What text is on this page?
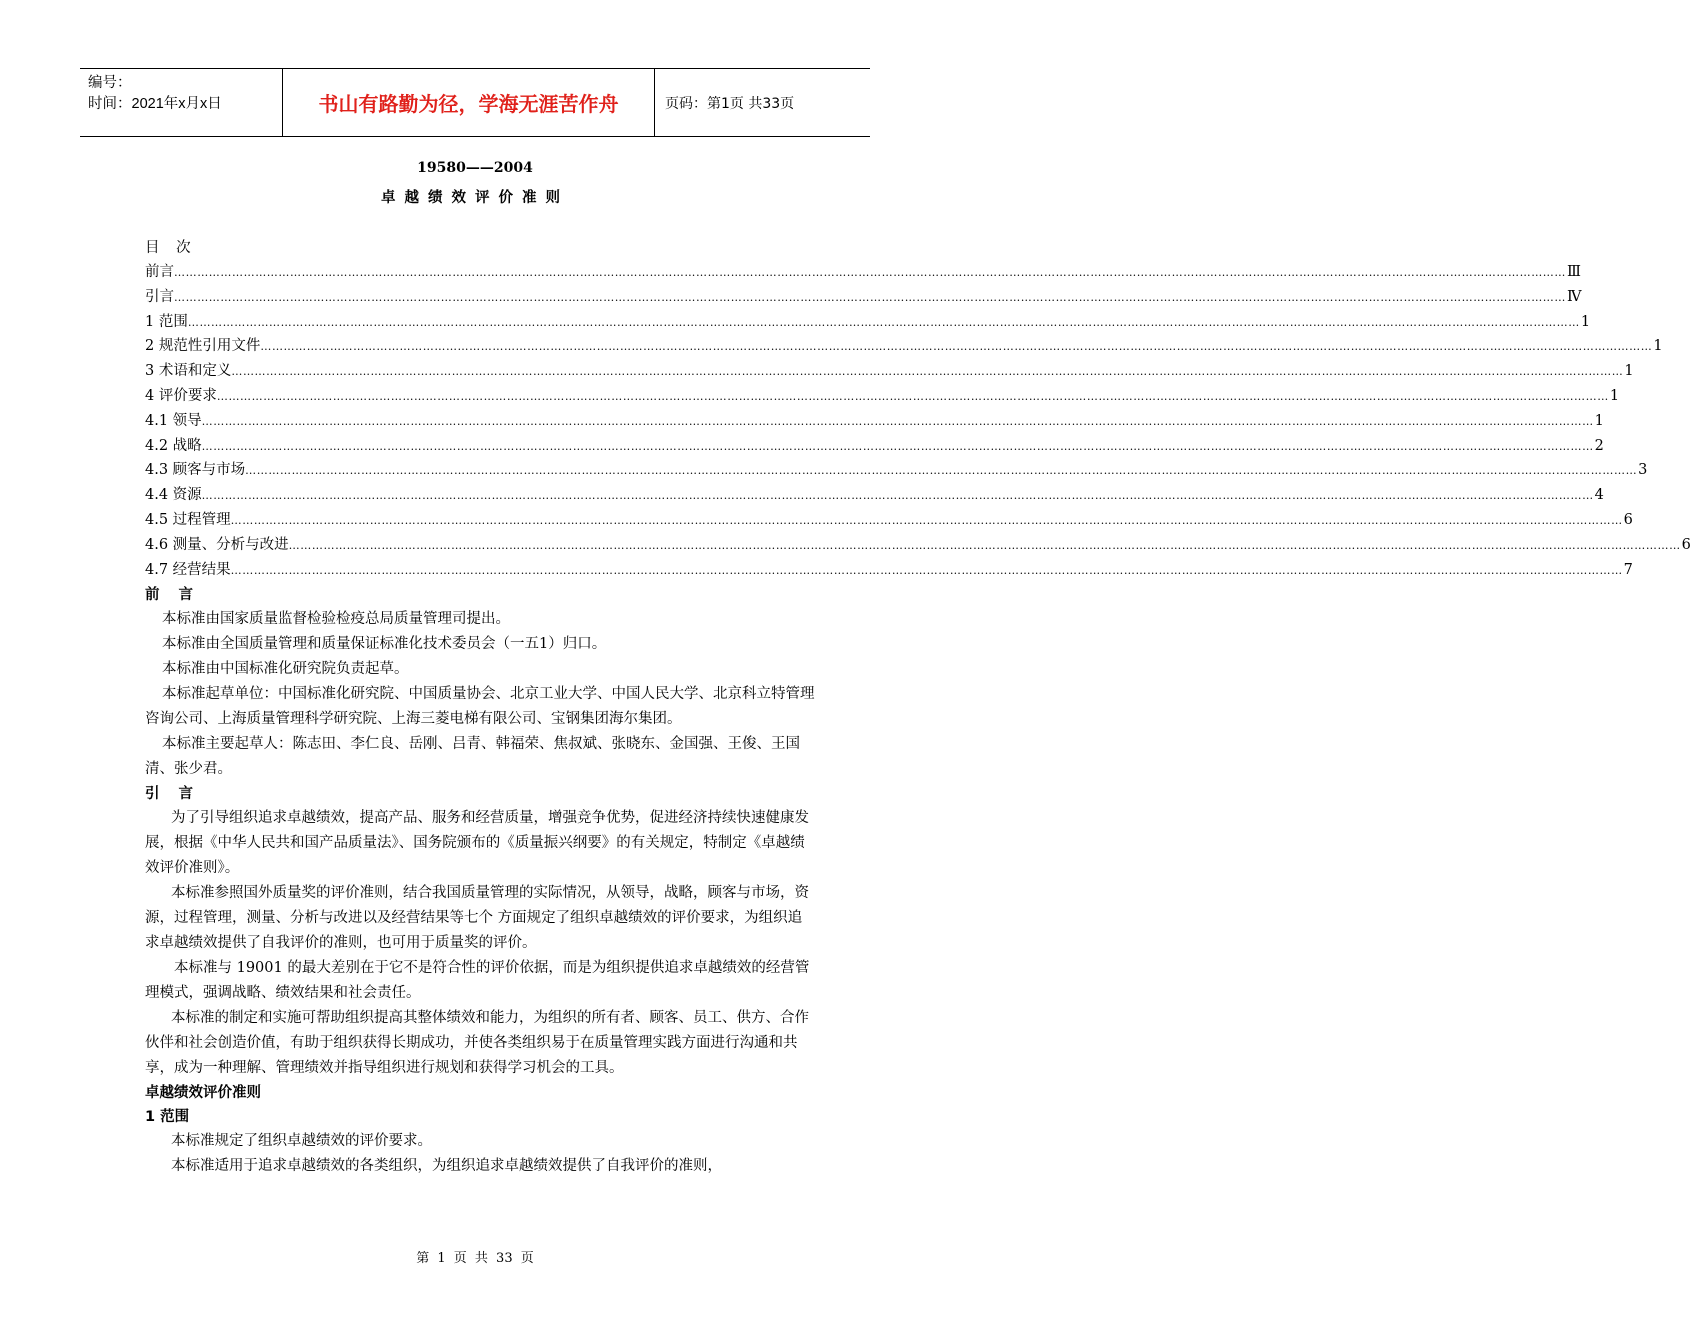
编号：
时间：2021年x月x日	书山有路勤为径，学海无涯苦作舟	页码：第1页 共33页
19580——2004
卓越绩效评价准则
目 次
前言 ……………………………………………………………………………………………………………………………………………………………………………………………………………………………………………………………………………………………………………………………… Ⅲ
引言 ……………………………………………………………………………………………………………………………………………………………………………………………………………………………………………………………………………………………………………………………… Ⅳ
1 范围 ……………………………………………………………………………………………………………………………………………………………………………………………………………………………………………………………………………………………………………………………… 1
2 规范性引用文件 ……………………………………………………………………………………………………………………………………………………………………………………………………………………………………………………………………………………………………………………………… 1
3 术语和定义 ……………………………………………………………………………………………………………………………………………………………………………………………………………………………………………………………………………………………………………………………… 1
4 评价要求 ……………………………………………………………………………………………………………………………………………………………………………………………………………………………………………………………………………………………………………………………… 1
4.1 领导 ……………………………………………………………………………………………………………………………………………………………………………………………………………………………………………………………………………………………………………………………… 1
4.2 战略 ……………………………………………………………………………………………………………………………………………………………………………………………………………………………………………………………………………………………………………………………… 2
4.3 顾客与市场 ……………………………………………………………………………………………………………………………………………………………………………………………………………………………………………………………………………………………………………………………… 3
4.4 资源 ……………………………………………………………………………………………………………………………………………………………………………………………………………………………………………………………………………………………………………………………… 4
4.5 过程管理 ……………………………………………………………………………………………………………………………………………………………………………………………………………………………………………………………………………………………………………………………… 6
4.6 测量、分析与改进 ……………………………………………………………………………………………………………………………………………………………………………………………………………………………………………………………………………………………………………………………… 6
4.7 经营结果 ……………………………………………………………………………………………………………………………………………………………………………………………………………………………………………………………………………………………………………………………… 7
前 言

本标准由国家质量监督检验检疫总局质量管理司提出。

本标准由全国质量管理和质量保证标准化技术委员会（一五1）归口。

本标准由中国标准化研究院负责起草。

本标准起草单位：中国标准化研究院、中国质量协会、北京工业大学、中国人民大学、北京科立特管理咨询公司、上海质量管理科学研究院、上海三菱电梯有限公司、宝钢集团海尔集团。

本标准主要起草人：陈志田、李仁良、岳刚、吕青、韩福荣、焦叔斌、张晓东、金国强、王俊、王国清、张少君。

引 言

为了引导组织追求卓越绩效，提高产品、服务和经营质量，增强竞争优势，促进经济持续快速健康发展，根据《中华人民共和国产品质量法》、国务院颁布的《质量振兴纲要》的有关规定，特制定《卓越绩效评价准则》。

本标准参照国外质量奖的评价准则，结合我国质量管理的实际情况，从领导，战略，顾客与市场，资源，过程管理，测量、分析与改进以及经营结果等七个 方面规定了组织卓越绩效的评价要求，为组织追求卓越绩效提供了自我评价的准则，也可用于质量奖的评价。

本标准与 19001 的最大差别在于它不是符合性的评价依据，而是为组织提供追求卓越绩效的经营管理模式，强调战略、绩效结果和社会责任。

本标准的制定和实施可帮助组织提高其整体绩效和能力，为组织的所有者、顾客、员工、供方、合作伙伴和社会创造价值，有助于组织获得长期成功，并使各类组织易于在质量管理实践方面进行沟通和共享，成为一种理解、管理绩效并指导组织进行规划和获得学习机会的工具。

卓越绩效评价准则
1 范围

本标准规定了组织卓越绩效的评价要求。

本标准适用于追求卓越绩效的各类组织，为组织追求卓越绩效提供了自我评价的准则，

第 1 页 共 33 页
